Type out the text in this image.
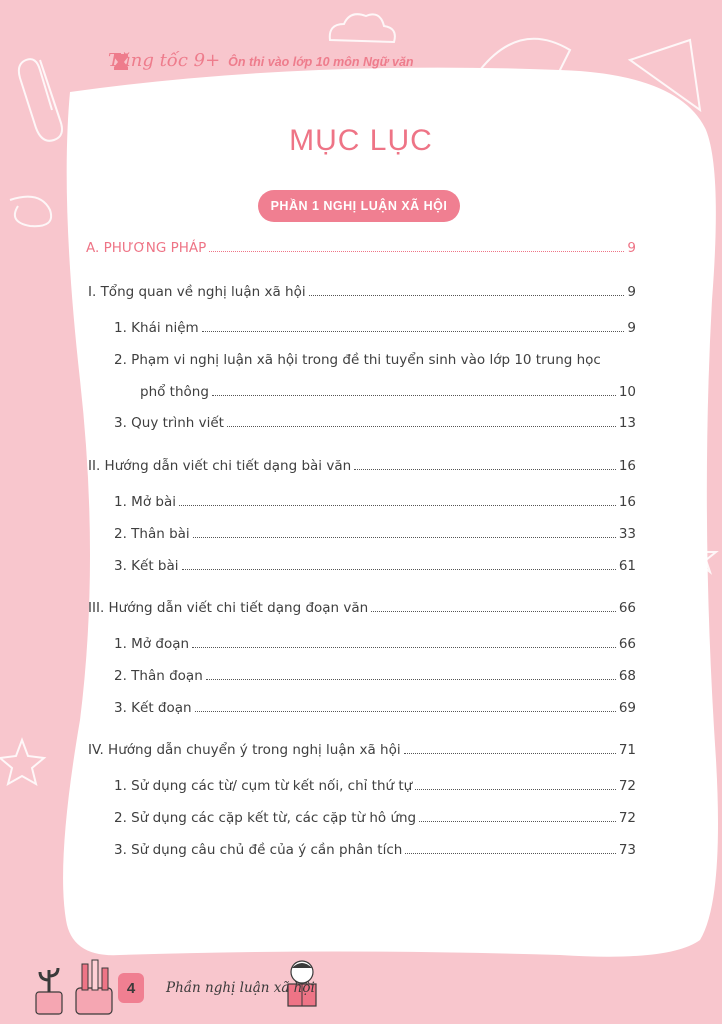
Tăng tốc 9+ Ôn thi vào lớp 10 môn Ngữ văn
MỤC LỤC
PHẦN 1 NGHỊ LUẬN XÃ HỘI
A. PHƯƠNG PHÁP	9
I. Tổng quan về nghị luận xã hội	9
1. Khái niệm	9
2. Phạm vi nghị luận xã hội trong đề thi tuyển sinh vào lớp 10 trung học
phổ thông	10
3. Quy trình viết	13
II. Hướng dẫn viết chi tiết dạng bài văn	16
1. Mở bài	16
2. Thân bài	33
3. Kết bài	61
III. Hướng dẫn viết chi tiết dạng đoạn văn	66
1. Mở đoạn	66
2. Thân đoạn	68
3. Kết đoạn	69
IV. Hướng dẫn chuyển ý trong nghị luận xã hội	71
1. Sử dụng các từ/ cụm từ kết nối, chỉ thứ tự	72
2. Sử dụng các cặp kết từ, các cặp từ hô ứng	72
3. Sử dụng câu chủ đề của ý cần phân tích	73
4	Phần nghị luận xã hội
